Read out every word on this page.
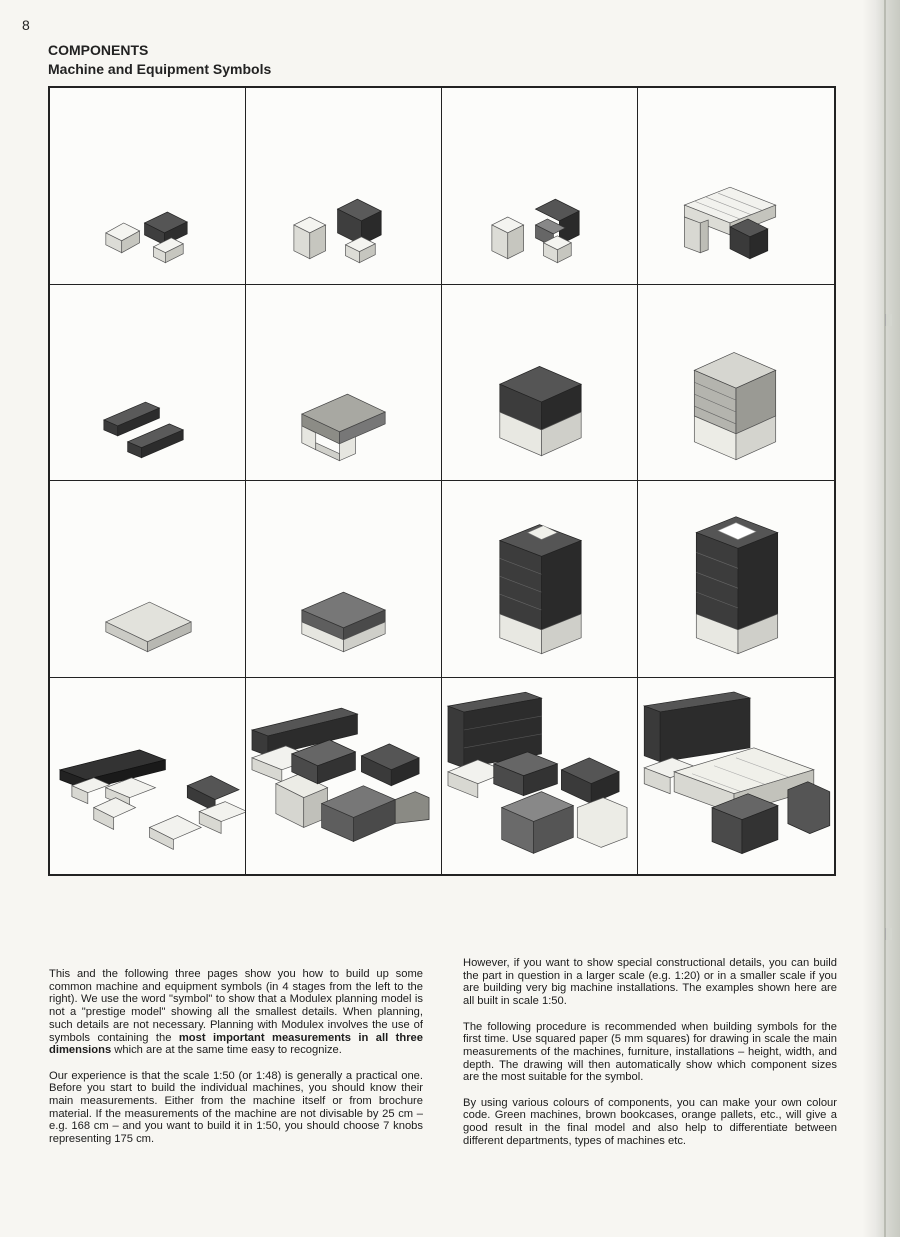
8
COMPONENTS
Machine and Equipment Symbols

This and the following three pages show you how to build up some common machine and equipment symbols (in 4 stages from the left to the right). We use the word "symbol" to show that a Modulex planning model is not a "prestige model" showing all the smallest details. When planning, such details are not necessary. Planning with Modulex involves the use of symbols containing the most important measurements in all three dimensions which are at the same time easy to recognize.

Our experience is that the scale 1:50 (or 1:48) is generally a practical one. Before you start to build the individual machines, you should know their main measurements. Either from the machine itself or from brochure material. If the measurements of the machine are not divisable by 25 cm – e.g. 168 cm – and you want to build it in 1:50, you should choose 7 knobs representing 175 cm.

However, if you want to show special constructional details, you can build the part in question in a larger scale (e.g. 1:20) or in a smaller scale if you are building very big machine installations. The examples shown here are all built in scale 1:50.

The following procedure is recommended when building symbols for the first time. Use squared paper (5 mm squares) for drawing in scale the main measurements of the machines, furniture, installations – height, width, and depth. The drawing will then automatically show which component sizes are the most suitable for the symbol.

By using various colours of components, you can make your own colour code. Green machines, brown bookcases, orange pallets, etc., will give a good result in the final model and also help to differentiate between different departments, types of machines etc.
